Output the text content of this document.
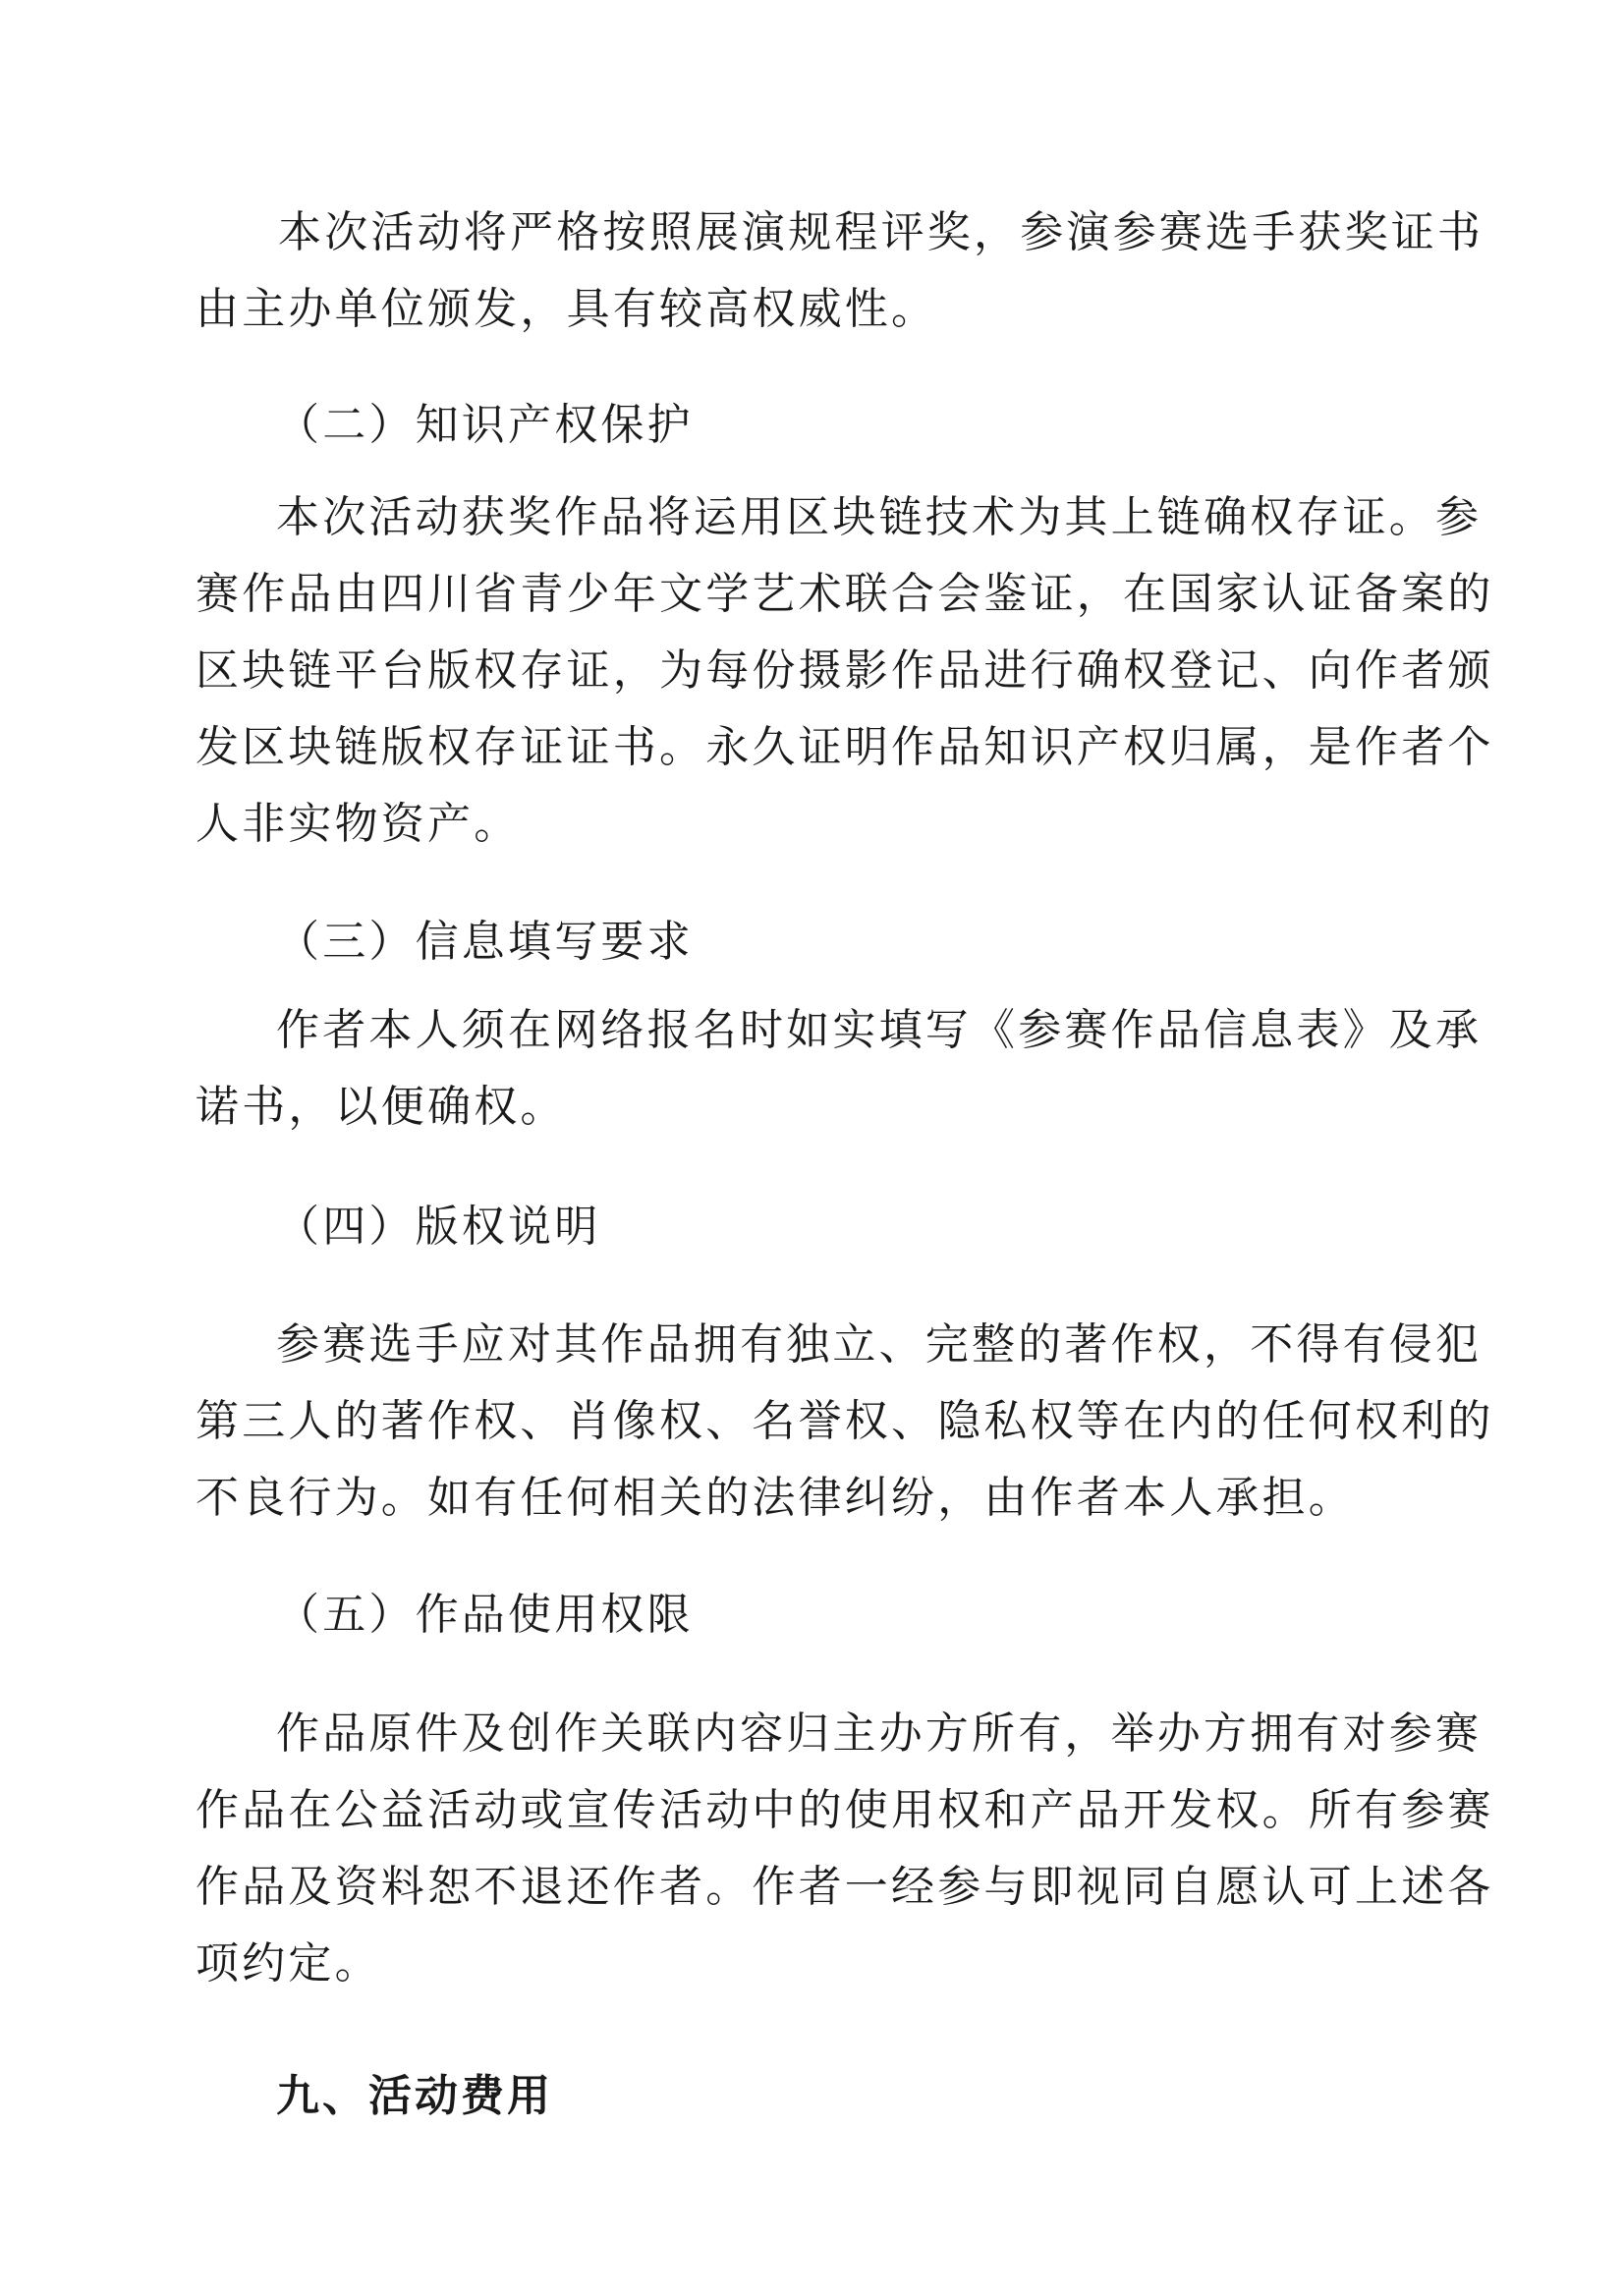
本次活动将严格按照展演规程评奖，参演参赛选手获奖证书
由主办单位颁发，具有较高权威性。
（二）知识产权保护
本次活动获奖作品将运用区块链技术为其上链确权存证。参
赛作品由四川省青少年文学艺术联合会鉴证，在国家认证备案的
区块链平台版权存证，为每份摄影作品进行确权登记、向作者颁
发区块链版权存证证书。永久证明作品知识产权归属，是作者个
人非实物资产。
（三）信息填写要求
作者本人须在网络报名时如实填写《参赛作品信息表》及承
诺书，以便确权。
（四）版权说明
参赛选手应对其作品拥有独立、完整的著作权，不得有侵犯
第三人的著作权、肖像权、名誉权、隐私权等在内的任何权利的
不良行为。如有任何相关的法律纠纷，由作者本人承担。
（五）作品使用权限
作品原件及创作关联内容归主办方所有，举办方拥有对参赛
作品在公益活动或宣传活动中的使用权和产品开发权。所有参赛
作品及资料恕不退还作者。作者一经参与即视同自愿认可上述各
项约定。
九、活动费用
